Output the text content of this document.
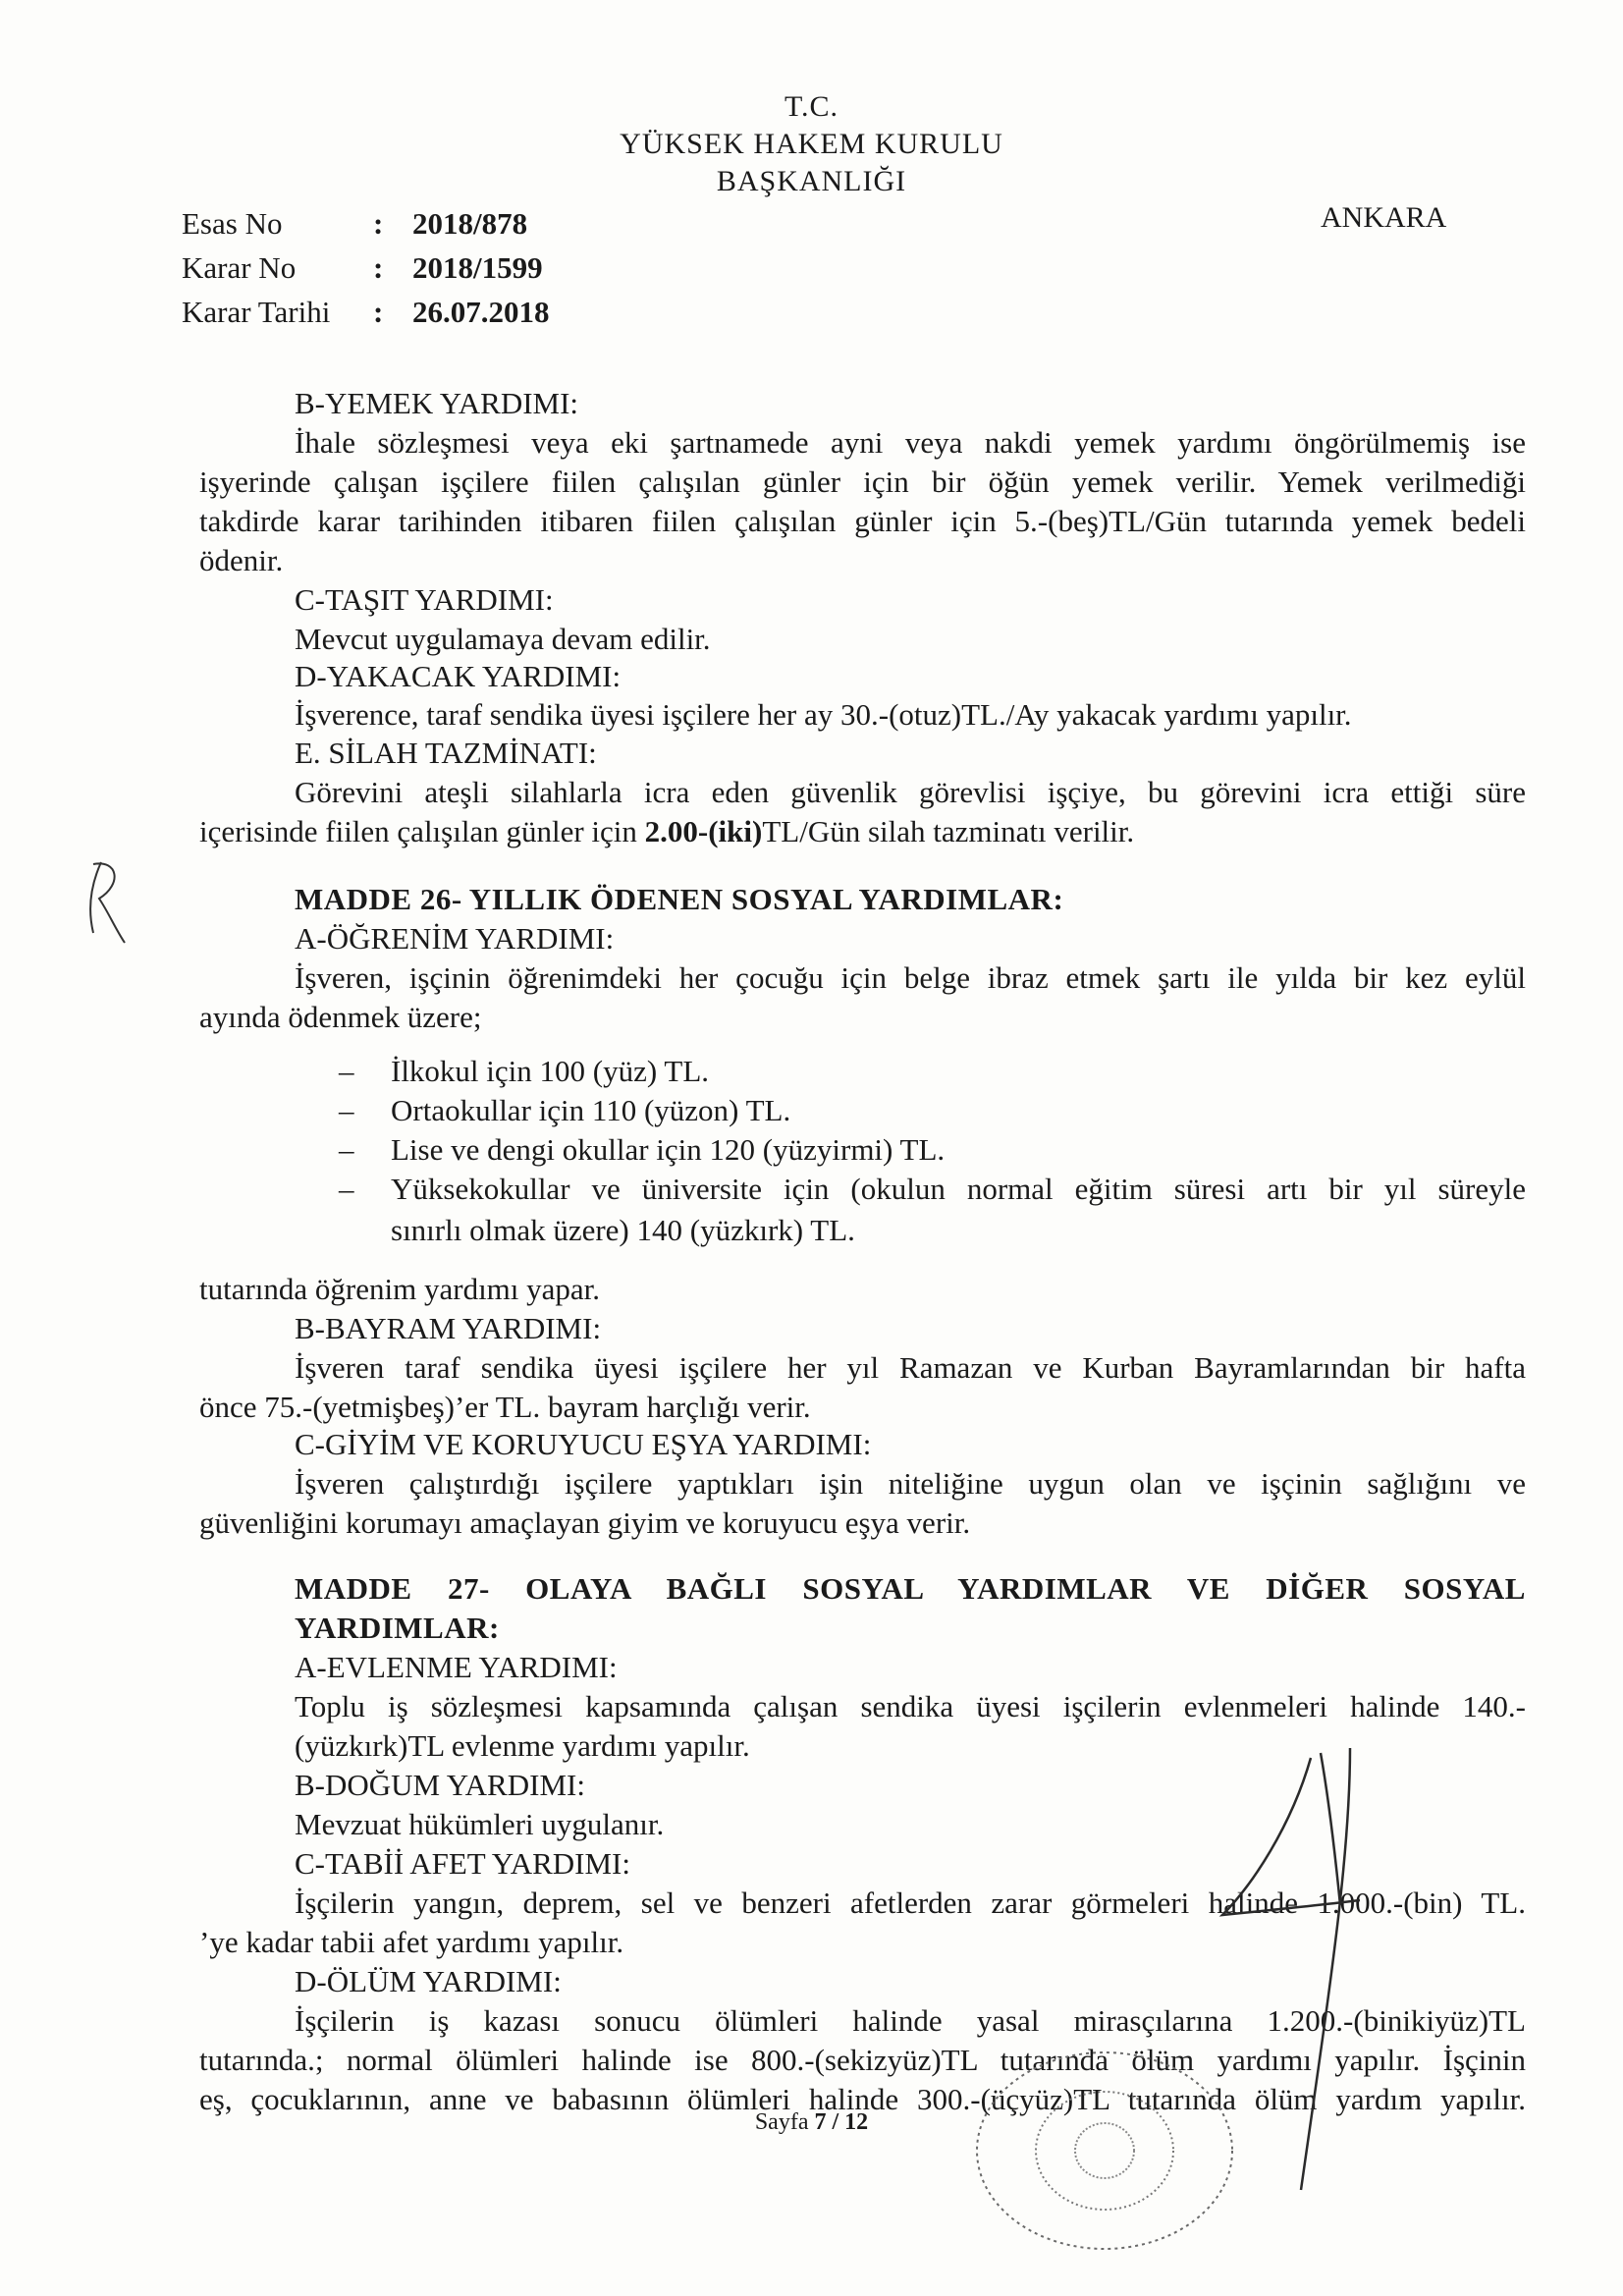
T.C.
YÜKSEK HAKEM KURULU
BAŞKANLIĞI
ANKARA
Esas No	: 2018/878
Karar No	: 2018/1599
Karar Tarihi	: 26.07.2018
B-YEMEK YARDIMI:
İhale sözleşmesi veya eki şartnamede ayni veya nakdi yemek yardımı öngörülmemiş ise
işyerinde çalışan işçilere fiilen çalışılan günler için bir öğün yemek verilir. Yemek verilmediği
takdirde karar tarihinden itibaren fiilen çalışılan günler için 5.-(beş)TL/Gün tutarında yemek bedeli
ödenir.
C-TAŞIT YARDIMI:
Mevcut uygulamaya devam edilir.
D-YAKACAK YARDIMI:
İşverence, taraf sendika üyesi işçilere her ay 30.-(otuz)TL./Ay yakacak yardımı yapılır.
E. SİLAH TAZMİNATI:
Görevini ateşli silahlarla icra eden güvenlik görevlisi işçiye, bu görevini icra ettiği süre
içerisinde fiilen çalışılan günler için 2.00-(iki)TL/Gün silah tazminatı verilir.
MADDE 26- YILLIK ÖDENEN SOSYAL YARDIMLAR:
A-ÖĞRENİM YARDIMI:
İşveren, işçinin öğrenimdeki her çocuğu için belge ibraz etmek şartı ile yılda bir kez eylül
ayında ödenmek üzere;
– İlkokul için 100 (yüz) TL.
– Ortaokullar için 110 (yüzon) TL.
– Lise ve dengi okullar için 120 (yüzyirmi) TL.
– Yüksekokullar ve üniversite için (okulun normal eğitim süresi artı bir yıl süreyle
sınırlı olmak üzere) 140 (yüzkırk) TL.
tutarında öğrenim yardımı yapar.
B-BAYRAM YARDIMI:
İşveren taraf sendika üyesi işçilere her yıl Ramazan ve Kurban Bayramlarından bir hafta
önce 75.-(yetmişbeş)’er TL. bayram harçlığı verir.
C-GİYİM VE KORUYUCU EŞYA YARDIMI:
İşveren çalıştırdığı işçilere yaptıkları işin niteliğine uygun olan ve işçinin sağlığını ve
güvenliğini korumayı amaçlayan giyim ve koruyucu eşya verir.
MADDE 27- OLAYA BAĞLI SOSYAL YARDIMLAR VE DİĞER SOSYAL
YARDIMLAR:
A-EVLENME YARDIMI:
Toplu iş sözleşmesi kapsamında çalışan sendika üyesi işçilerin evlenmeleri halinde 140.-
(yüzkırk)TL evlenme yardımı yapılır.
B-DOĞUM YARDIMI:
Mevzuat hükümleri uygulanır.
C-TABİİ AFET YARDIMI:
İşçilerin yangın, deprem, sel ve benzeri afetlerden zarar görmeleri halinde 1.000.-(bin) TL.
’ye kadar tabii afet yardımı yapılır.
D-ÖLÜM YARDIMI:
İşçilerin iş kazası sonucu ölümleri halinde yasal mirasçılarına 1.200.-(binikiyüz)TL
tutarında.; normal ölümleri halinde ise 800.-(sekizyüz)TL tutarında ölüm yardımı yapılır. İşçinin
eş, çocuklarının, anne ve babasının ölümleri halinde 300.-(üçyüz)TL tutarında ölüm yardım yapılır.
Sayfa 7 / 12
